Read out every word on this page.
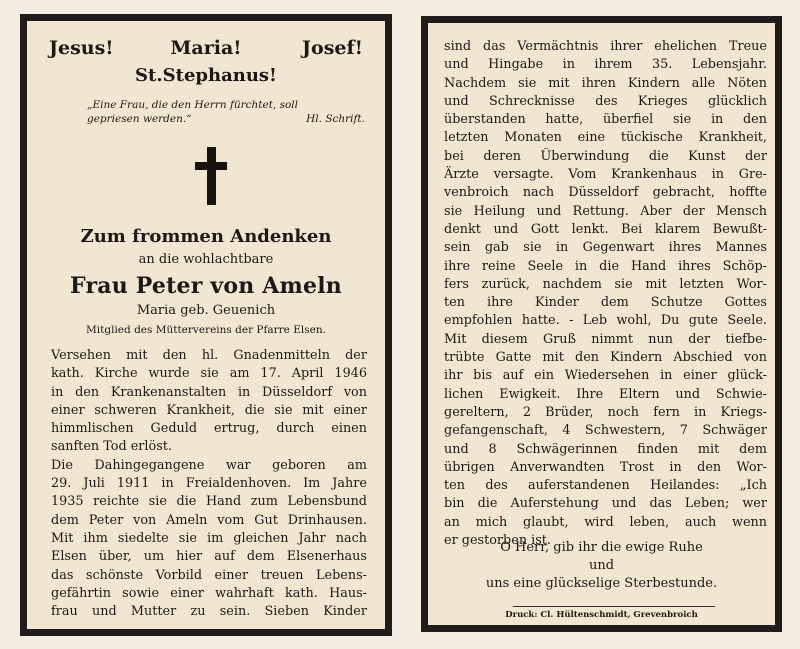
Jesus!	Maria!	Josef!
St.Stephanus!
„Eine Frau, die den Herrn fürchtet, soll
gepriesen werden.“	Hl. Schrift.
Zum frommen Andenken
an die wohlachtbare
Frau Peter von Ameln
Maria geb. Geuenich
Mitglied des Müttervereins der Pfarre Elsen.
Versehen mit den hl. Gnadenmitteln der
kath. Kirche wurde sie am 17. April 1946
in den Krankenanstalten in Düsseldorf von
einer schweren Krankheit, die sie mit einer
himmlischen Geduld ertrug, durch einen
sanften Tod erlöst.
Die Dahingegangene war geboren am
29. Juli 1911 in Freialdenhoven. Im Jahre
1935 reichte sie die Hand zum Lebensbund
dem Peter von Ameln vom Gut Drinhausen.
Mit ihm siedelte sie im gleichen Jahr nach
Elsen über, um hier auf dem Elsenerhaus
das schönste Vorbild einer treuen Lebens-
gefährtin sowie einer wahrhaft kath. Haus-
frau und Mutter zu sein. Sieben Kinder
sind das Vermächtnis ihrer ehelichen Treue
und Hingabe in ihrem 35. Lebensjahr.
Nachdem sie mit ihren Kindern alle Nöten
und Schrecknisse des Krieges glücklich
überstanden hatte, überfiel sie in den
letzten Monaten eine tückische Krankheit,
bei deren Überwindung die Kunst der
Ärzte versagte. Vom Krankenhaus in Gre-
venbroich nach Düsseldorf gebracht, hoffte
sie Heilung und Rettung. Aber der Mensch
denkt und Gott lenkt. Bei klarem Bewußt-
sein gab sie in Gegenwart ihres Mannes
ihre reine Seele in die Hand ihres Schöp-
fers zurück, nachdem sie mit letzten Wor-
ten ihre Kinder dem Schutze Gottes
empfohlen hatte. - Leb wohl, Du gute Seele.
Mit diesem Gruß nimmt nun der tiefbe-
trübte Gatte mit den Kindern Abschied von
ihr bis auf ein Wiedersehen in einer glück-
lichen Ewigkeit. Ihre Eltern und Schwie-
gereltern, 2 Brüder, noch fern in Kriegs-
gefangenschaft, 4 Schwestern, 7 Schwäger
und 8 Schwägerinnen finden mit dem
übrigen Anverwandten Trost in den Wor-
ten des auferstandenen Heilandes: „Ich
bin die Auferstehung und das Leben; wer
an mich glaubt, wird leben, auch wenn
er gestorben ist.
O Herr, gib ihr die ewige Ruhe
und
uns eine glückselige Sterbestunde.
Druck: Cl. Hültenschmidt, Grevenbroich
